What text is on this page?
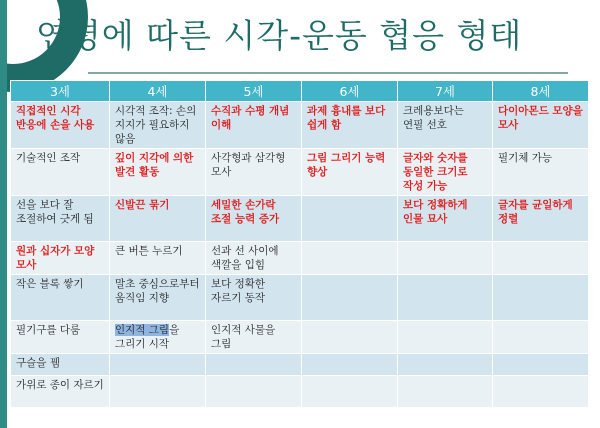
연령에 따른 시각-운동 협응 형태
3세	4세	5세	6세	7세	8세
직접적인 시각 반응에 손을 사용	시각적 조작: 손의 지지가 필요하지 않음	수직과 수평 개념 이해	과제 흉내를 보다 쉽게 함	크레용보다는 연필 선호	다이아몬드 모양을 모사
기술적인 조작	깊이 지각에 의한 발견 활동	사각형과 삼각형 모사	그림 그리기 능력 향상	글자와 숫자를 동일한 크기로 작성 가능	필기체 가능
선을 보다 잘 조절하여 긋게 됨	신발끈 묶기	세밀한 손가락 조절 능력 증가		보다 정확하게 인물 묘사	글자를 균일하게 정렬
원과 십자가 모양 모사	큰 버튼 누르기	선과 선 사이에 색깔을 입힘			
작은 블록 쌓기	말초 중심으로부터 움직임 지향	보다 정확한 자르기 동작			
필기구를 다룸	인지적 그림을 그리기 시작	인지적 사물을 그림			
구슬을 뀀					
가위로 종이 자르기					
